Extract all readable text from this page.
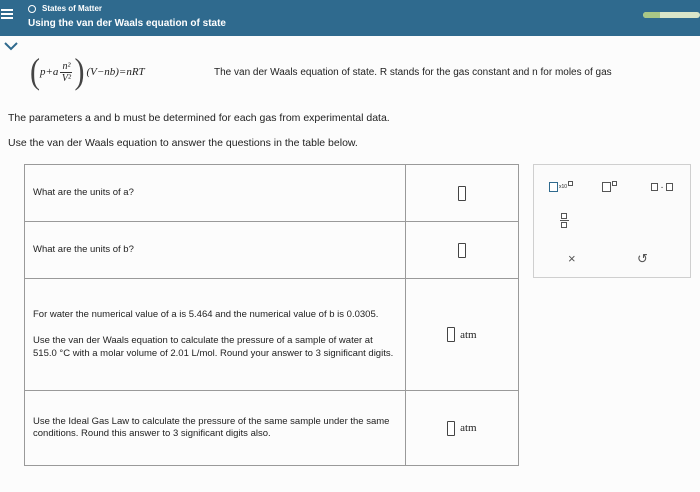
States of Matter
Using the van der Waals equation of state
( $p+a \frac{\text{n²}}{\text{V²}}$ ) (V−nb)=nRT	The van der Waals equation of state. R stands for the gas constant and n for moles of gas
The parameters a and b must be determined for each gas from experimental data.
Use the van der Waals equation to answer the questions in the table below.
What are the units of a?	
What are the units of b?	

For water the numerical value of a is 5.464 and the numerical value of b is 0.0305.
Use the van der Waals equation to calculate the pressure of a sample of water at 515.0 °C with a molar volume of 2.01 L/mol. Round your answer to 3 significant digits.	atm
Use the Ideal Gas Law to calculate the pressure of the same sample under the same conditions. Round this answer to 3 significant digits also.	atm
x10	·
×	↺
